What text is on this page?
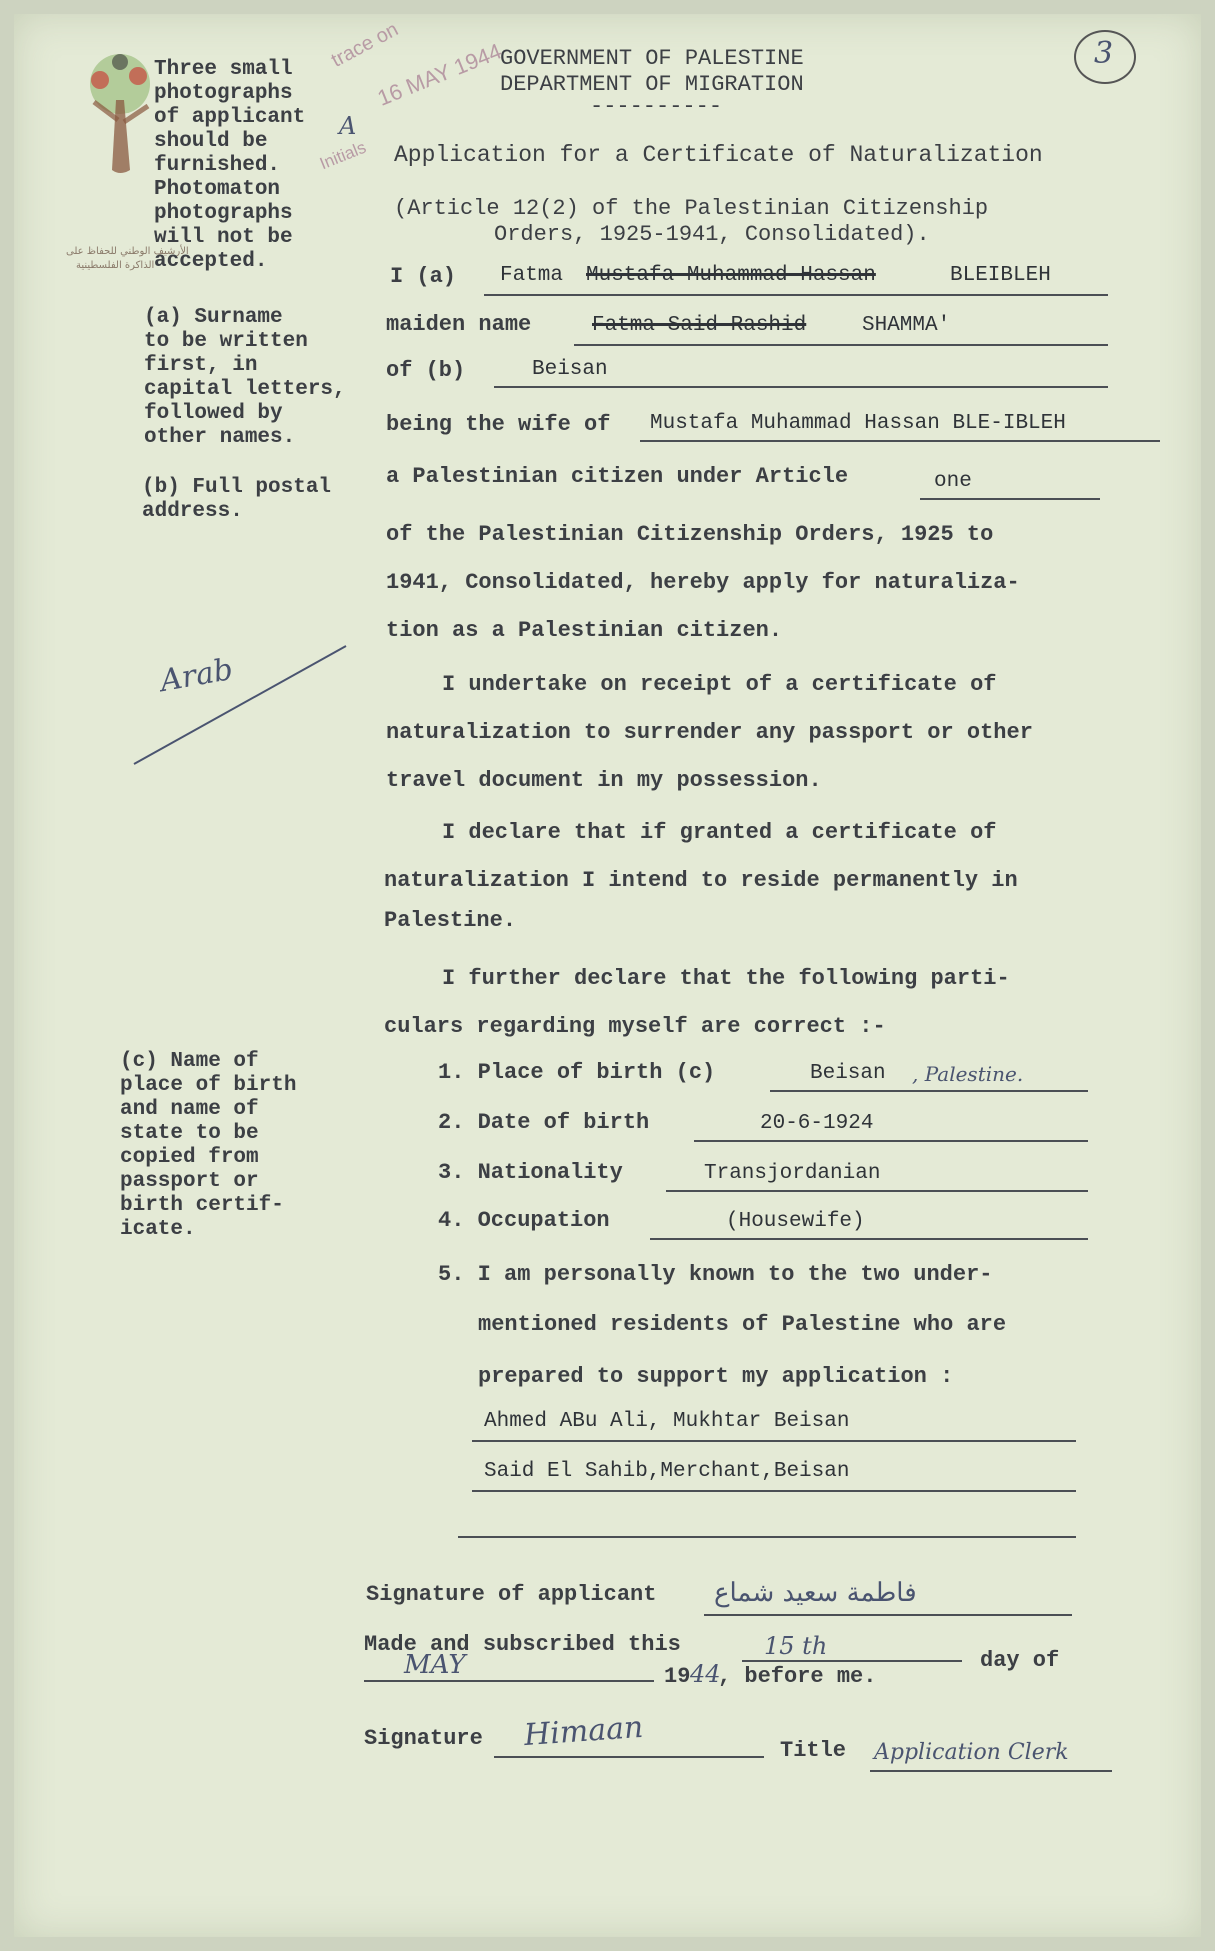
3
الأرشيف الوطني للحفاظ على
الذاكرة الفلسطينية
trace on
16 MAY 1944
Initials
A
GOVERNMENT OF PALESTINE
DEPARTMENT OF MIGRATION
----------
Three small
photographs
of applicant
should be
furnished.
Photomaton
photographs
will not be
accepted.
Application for a Certificate of Naturalization
(Article 12(2) of the Palestinian Citizenship
Orders, 1925-1941, Consolidated).
I (a) Fatma Mustafa Muhammad Hassan	BLEIBLEH
(a) Surname
to be written
first, in
capital letters,
followed by
other names.
maiden name	Fatma Said Rashid	SHAMMA'
of (b)	Beisan
being the wife of Mustafa Muhammad Hassan BLE-IBLEH
(b) Full postal
address.
a Palestinian citizen under Article	one
of the Palestinian Citizenship Orders, 1925 to
1941, Consolidated, hereby apply for naturaliza-
tion as a Palestinian citizen.
Arab	I undertake on receipt of a certificate of
naturalization to surrender any passport or other
travel document in my possession.
I declare that if granted a certificate of
naturalization I intend to reside permanently in
Palestine.
I further declare that the following parti-
culars regarding myself are correct :-
(c) Name of
place of birth
and name of
state to be
copied from
passport or
birth certif-
icate.
1. Place of birth (c)	Beisan , Palestine.
2. Date of birth	20-6-1924
3. Nationality	Transjordanian
4. Occupation	(Housewife)
5. I am personally known to the two under-
mentioned residents of Palestine who are
prepared to support my application :
Ahmed ABu Ali, Mukhtar Beisan
Said El Sahib,Merchant,Beisan
Signature of applicant فاطمة سعيد شماع
Made and subscribed this	15 th
day of
MAY	19 44
, before me.
Signature Himaan	Title Application Clerk
